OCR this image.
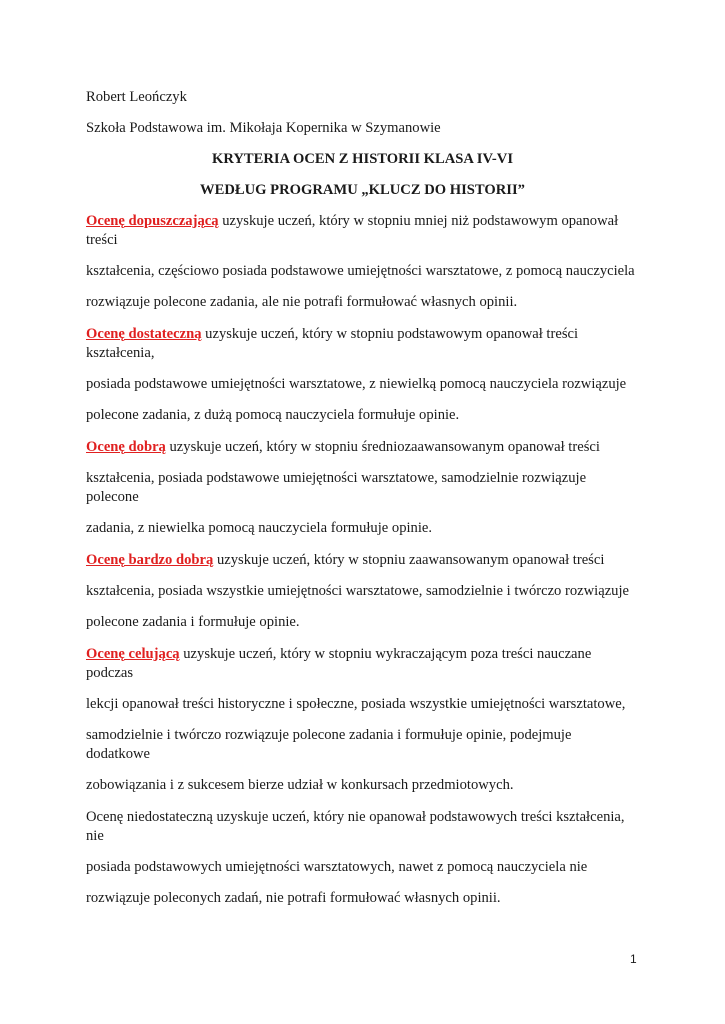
Robert Leończyk
Szkoła Podstawowa im. Mikołaja Kopernika w Szymanowie
KRYTERIA OCEN Z HISTORII KLASA IV-VI
WEDŁUG PROGRAMU „KLUCZ DO HISTORII”
Ocenę dopuszczającą uzyskuje uczeń, który w stopniu mniej niż podstawowym opanował
treści
kształcenia, częściowo posiada podstawowe umiejętności warsztatowe, z pomocą nauczyciela
rozwiązuje polecone zadania, ale nie potrafi formułować własnych opinii.
Ocenę dostateczną uzyskuje uczeń, który w stopniu podstawowym opanował treści
kształcenia,
posiada podstawowe umiejętności warsztatowe, z niewielką pomocą nauczyciela rozwiązuje
polecone zadania, z dużą pomocą nauczyciela formułuje opinie.
Ocenę dobrą uzyskuje uczeń, który w stopniu średniozaawansowanym opanował treści
kształcenia, posiada podstawowe umiejętności warsztatowe, samodzielnie rozwiązuje
polecone
zadania, z niewielka pomocą nauczyciela formułuje opinie.
Ocenę bardzo dobrą uzyskuje uczeń, który w stopniu zaawansowanym opanował treści
kształcenia, posiada wszystkie umiejętności warsztatowe, samodzielnie i twórczo rozwiązuje
polecone zadania i formułuje opinie.
Ocenę celującą uzyskuje uczeń, który w stopniu wykraczającym poza treści nauczane
podczas
lekcji opanował treści historyczne i społeczne, posiada wszystkie umiejętności warsztatowe,
samodzielnie i twórczo rozwiązuje polecone zadania i formułuje opinie, podejmuje
dodatkowe
zobowiązania i z sukcesem bierze udział w konkursach przedmiotowych.
Ocenę niedostateczną uzyskuje uczeń, który nie opanował podstawowych treści kształcenia,
nie
posiada podstawowych umiejętności warsztatowych, nawet z pomocą nauczyciela nie
rozwiązuje poleconych zadań, nie potrafi formułować własnych opinii.
1
